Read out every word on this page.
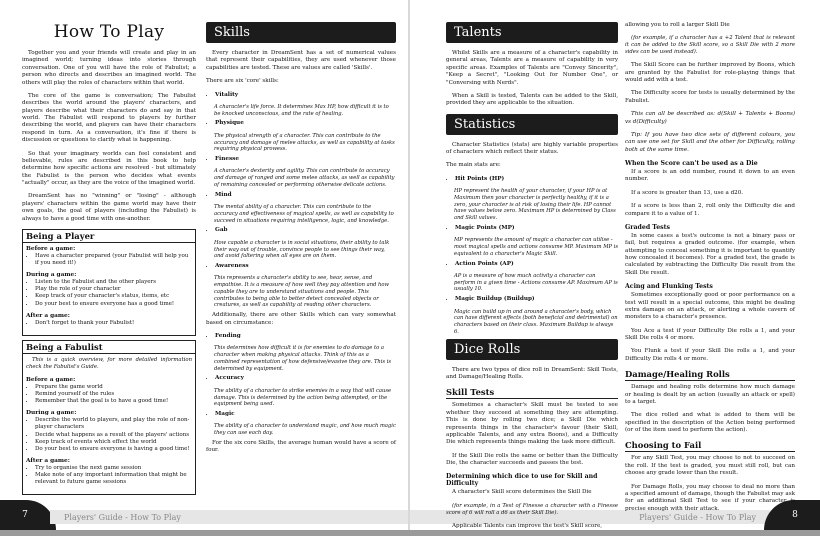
How To Play

Together you and your friends will create and play in an imagined world; turning ideas into stories through conversation. One of you will have the role of Fabulist; a person who directs and describes an imagined world. The others will play the roles of characters within that world.

The core of the game is conversation; The Fabulist describes the world around the players' characters, and players describe what their characters do and say in that world. The Fabulist will respond to players by further describing the world, and players can have their characters respond in turn. As a conversation, it's fine if there is discussion or questions to clarify what is happening.

So that your imaginary worlds can feel consistent and believable, rules are described in this book to help determine how specific actions are resolved - but ultimately the Fabulist is the person who decides what events "actually" occur, as they are the voice of the imagined world.

DreamSent has no "winning" or "losing" - although players' characters within the game world may have their own goals, the goal of players (including the Fabulist) is always to have a good time with one-another.

Being a Player
Before a game:
• Have a character prepared (your Fabulist will help you if you need it!)
During a game:
• Listen to the Fabulist and the other players
• Play the role of your character
• Keep track of your character's status, items, etc
• Do your best to ensure everyone has a good time!
After a game:
• Don't forget to thank your Fabulist!
Being a Fabulist

This is a quick overview, for more detailed information check the Fabulist's Guide.

Before a game:
• Prepare the game world
• Remind yourself of the rules
• Remember that the goal is to have a good time!
During a game:
• Describe the world to players, and play the role of non-player characters
• Decide what happens as a result of the players' actions
• Keep track of events which effect the world
• Do your best to ensure everyone is having a good time!
After a game:
• Try to organise the next game session
• Make note of any important information that might be relevant to future game sessions
Skills

Every character in DreamSent has a set of numerical values that represent their capabilities, they are used whenever those capabilities are tested. These are values are called 'Skills'.

There are six 'core' skills:

• Vitality
A character's life force. It determines Max HP, how difficult it is to be knocked unconscious, and the rate of healing.
• Physique
The physical strength of a character. This can contribute to the accuracy and damage of melee attacks, as well as capability at tasks requiring physical prowess.
• Finesse
A character's dexterity and agility. This can contribute to accuracy and damage of ranged and some melee attacks, as well as capability of remaining concealed or performing otherwise delicate actions.
• Mind
The mental ability of a character. This can contribute to the accuracy and effectiveness of magical spells, as well as capability to succeed in situations requiring intelligence, logic, and knowledge.
• Gab
How capable a character is in social situations, their ability to talk their way out of trouble, convince people to see things their way, and avoid faltering when all eyes are on them.
• Awareness
This represents a character's ability to see, hear, sense, and empathise. It is a measure of how well they pay attention and how capable they are to understand situations and people. This contributes to being able to better detect concealed objects or creatures, as well as capability at reading other characters.

Additionally, there are other Skills which can vary somewhat based on circumstance:

• Fending
This determines how difficult it is for enemies to do damage to a character when making physical attacks. Think of this as a combined representation of how defensive/evasive they are. This is determined by equipment.
• Accuracy
The ability of a character to strike enemies in a way that will cause damage. This is determined by the action being attempted, or the equipment being used.
• Magic
The ability of a character to understand magic, and how much magic they can use each day.

For the six core Skills, the average human would have a score of four.

7	Players' Guide - How To Play	Players' Guide - How To Play	8
Talents

Whilst Skills are a measure of a character's capability in general areas, Talents are a measure of capability in very specific areas. Examples of Talents are "Convey Sincerity", "Keep a Secret", "Looking Out for Number One", or "Conversing with Nerds".

When a Skill is tested, Talents can be added to the Skill, provided they are applicable to the situation.

Statistics

Character Statistics (stats) are highly variable properties of characters which reflect their status.

The main stats are:

• Hit Points (HP)
HP represent the health of your character, if your HP is at Maximum then your character is perfectly healthy, if it is a zero, your character is at risk of losing their life. HP cannot have values below zero. Maximum HP is determined by Class and Skill values.
• Magic Points (MP)
MP represents the amount of magic a character can utilise - most magical spells and actions consume MP. Maximum MP is equivalent to a character's Magic Skill.
• Action Points (AP)
AP is a measure of how much activity a character can perform in a given time - Actions consume AP. Maximum AP is usually 10.
• Magic Buildup (Buildup)
Magic can build up in and around a character's body, which can have different effects (both beneficial and detrimental) on characters based on their class. Maximum Buildup is always 6.
Dice Rolls

There are two types of dice roll in DreamSent: Skill Tests, and Damage/Healing Rolls.

Skill Tests

Sometimes a character's Skill must be tested to see whether they succeed at something they are attempting. This is done by rolling two dice; a Skill Die which represents things in the character's favour (their Skill, applicable Talents, and any extra Boons), and a Difficulty Die which represents things making the task more difficult.

If the Skill Die rolls the same or better than the Difficulty Die, the character succeeds and passes the test.

Determining which dice to use for Skill and Difficulty

A character's Skill score determines the Skill Die

(for example, in a Test of Finesse a character with a Finesse score of 6 will roll a d6 as their Skill Die).

Applicable Talents can improve the test's Skill score,

allowing you to roll a larger Skill Die

(for example, if a character has a +2 Talent that is relevant it can be added to the Skill score, so a Skill Die with 2 more sides can be used instead).

The Skill Score can be further improved by Boons, which are granted by the Fabulist for role-playing things that would add with a test.

The Difficulty score for tests is usually determined by the Fabulist.

This can all be described as: d(Skill + Talents + Boons) vs d(Difficulty)

Tip: If you have two dice sets of different colours, you can use one set for Skill and the other for Difficulty, rolling both at the same time.

When the Score can't be used as a Die

If a score is an odd number, round it down to an even number.

If a score is greater than 13, use a d20.

If a score is less than 2, roll only the Difficulty die and compare it to a value of 1.

Graded Tests

In some cases a test's outcome is not a binary pass or fail, but requires a graded outcome. (for example, when attempting to conceal something it is important to quantify how concealed it becomes). For a graded test, the grade is calculated by subtracting the Difficulty Die result from the Skill Die result.

Acing and Flunking Tests

Sometimes exceptionally good or poor performance on a test will result in a special outcome, this might be dealing extra damage on an attack, or alerting a whole cavern of monsters to a character's presence.

You Ace a test if your Difficulty Die rolls a 1, and your Skill Die rolls 4 or more.

You Flunk a test if your Skill Die rolls a 1, and your Difficulty Die rolls 4 or more.

Damage/Healing Rolls

Damage and healing rolls determine how much damage or healing is dealt by an action (usually an attack or spell) to a target.

The dice rolled and what is added to them will be specified in the description of the Action being performed (or of the item used to perform the action).

Choosing to Fail

For any Skill Test, you may choose to not to succeed on the roll. If the test is graded, you must still roll, but can choose any grade lower than the result.

For Damage Rolls, you may choose to deal no more than a specified amount of damage, though the Fabulist may ask for an additional Skill Test to see if your character is precise enough with their attack.
